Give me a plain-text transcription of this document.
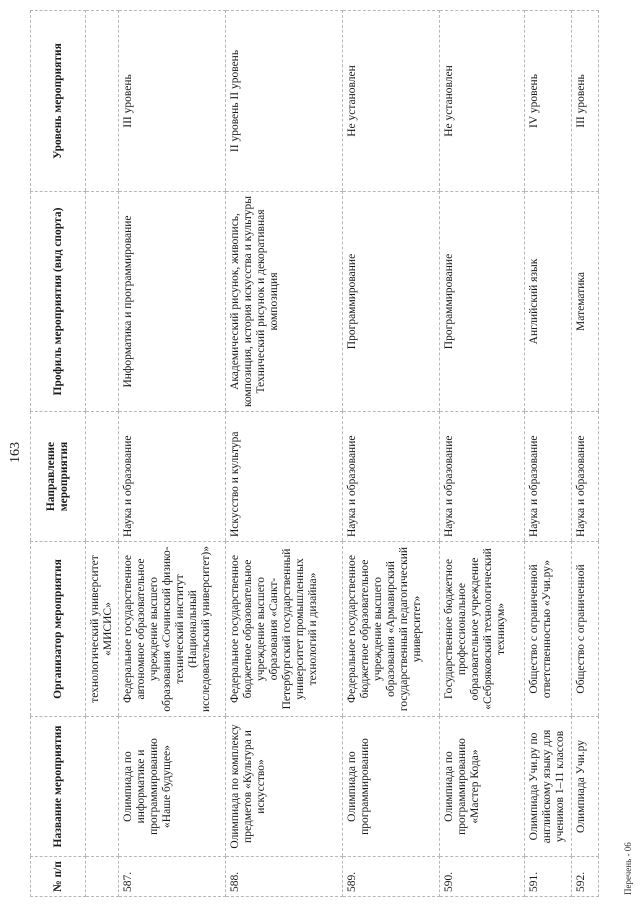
163
№ п/п	Название мероприятия	Организатор мероприятия	Направление мероприятия	Профиль мероприятия (вид спорта)	Уровень мероприятия
		технологический университет «МИСИС»			
587.	Олимпиада по информатике и программированию «Наше будущее»	Федеральное государственное автономное образовательное учреждение высшего образования «Сочинский физико-технический институт (Национальный исследовательский университет)»	Наука и образование	Информатика и программирование	III уровень
588.	Олимпиада по комплексу предметов «Культура и искусство»	Федеральное государственное бюджетное образовательное учреждение высшего образования «Санкт-Петербургский государственный университет промышленных технологий и дизайна»	Искусство и культура	Академический рисунок, живопись, композиция, история искусства и культуры Технический рисунок и декоративная композиция	II уровень II уровень
589.	Олимпиада по программированию	Федеральное государственное бюджетное образовательное учреждение высшего образования «Армавирский государственный педагогический университет»	Наука и образование	Программирование	Не установлен
590.	Олимпиада по программированию «Мастер Кода»	Государственное бюджетное профессиональное образовательное учреждение «Себряковский технологический техникум»	Наука и образование	Программирование	Не установлен
591.	Олимпиада Учи.ру по английскому языку для учеников 1–11 классов	Общество с ограниченной ответственностью «Учи.ру»	Наука и образование	Английский язык	IV уровень
592.	Олимпиада Учи.ру	Общество с ограниченной	Наука и образование	Математика	III уровень
Перечень - 06
